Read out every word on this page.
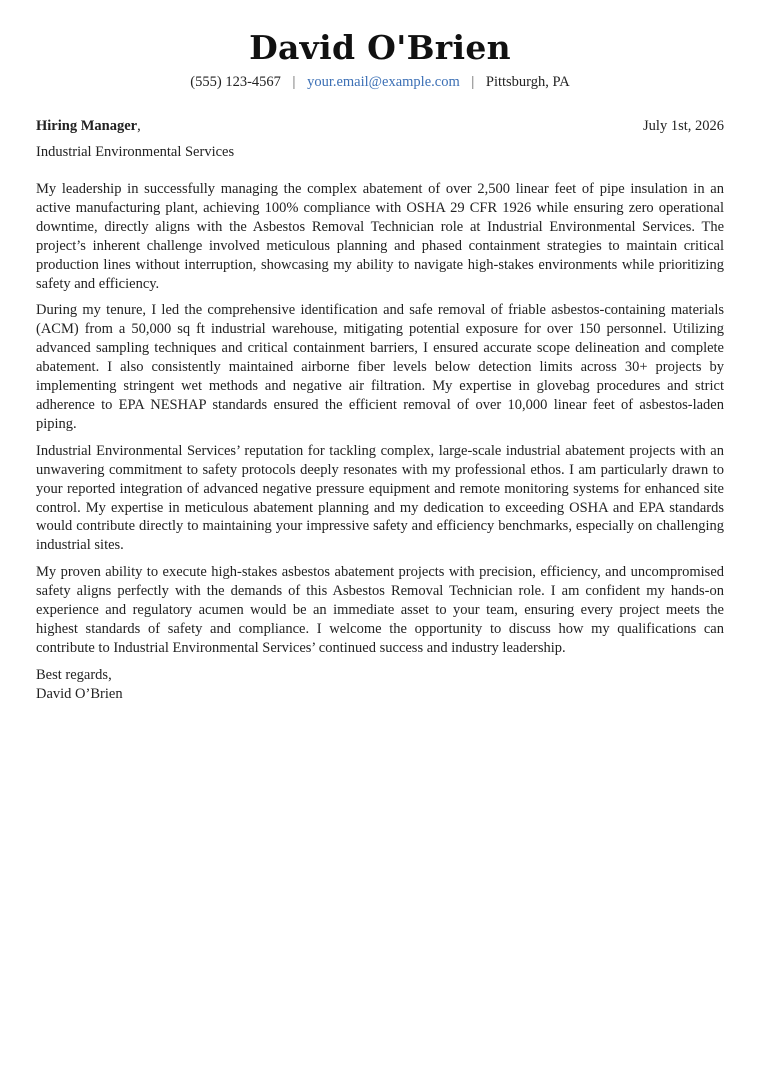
David O'Brien
(555) 123-4567 | your.email@example.com | Pittsburgh, PA
Hiring Manager,	July 1st, 2026
Industrial Environmental Services

My leadership in successfully managing the complex abatement of over 2,500 linear feet of pipe insulation in an active manufacturing plant, achieving 100% compliance with OSHA 29 CFR 1926 while ensuring zero operational downtime, directly aligns with the Asbestos Removal Technician role at Industrial Environmental Services. The project’s inherent challenge involved meticulous planning and phased containment strategies to maintain critical production lines without interruption, showcasing my ability to navigate high-stakes environments while prioritizing safety and efficiency.

During my tenure, I led the comprehensive identification and safe removal of friable asbestos-containing materials (ACM) from a 50,000 sq ft industrial warehouse, mitigating potential exposure for over 150 personnel. Utilizing advanced sampling techniques and critical containment barriers, I ensured accurate scope delineation and complete abatement. I also consistently maintained airborne fiber levels below detection limits across 30+ projects by implementing stringent wet methods and negative air filtration. My expertise in glovebag procedures and strict adherence to EPA NESHAP standards ensured the efficient removal of over 10,000 linear feet of asbestos-laden piping.

Industrial Environmental Services’ reputation for tackling complex, large-scale industrial abatement projects with an unwavering commitment to safety protocols deeply resonates with my professional ethos. I am particularly drawn to your reported integration of advanced negative pressure equipment and remote monitoring systems for enhanced site control. My expertise in meticulous abatement planning and my dedication to exceeding OSHA and EPA standards would contribute directly to maintaining your impressive safety and efficiency benchmarks, especially on challenging industrial sites.

My proven ability to execute high-stakes asbestos abatement projects with precision, efficiency, and uncompromised safety aligns perfectly with the demands of this Asbestos Removal Technician role. I am confident my hands-on experience and regulatory acumen would be an immediate asset to your team, ensuring every project meets the highest standards of safety and compliance. I welcome the opportunity to discuss how my qualifications can contribute to Industrial Environmental Services’ continued success and industry leadership.

Best regards,
David O’Brien
